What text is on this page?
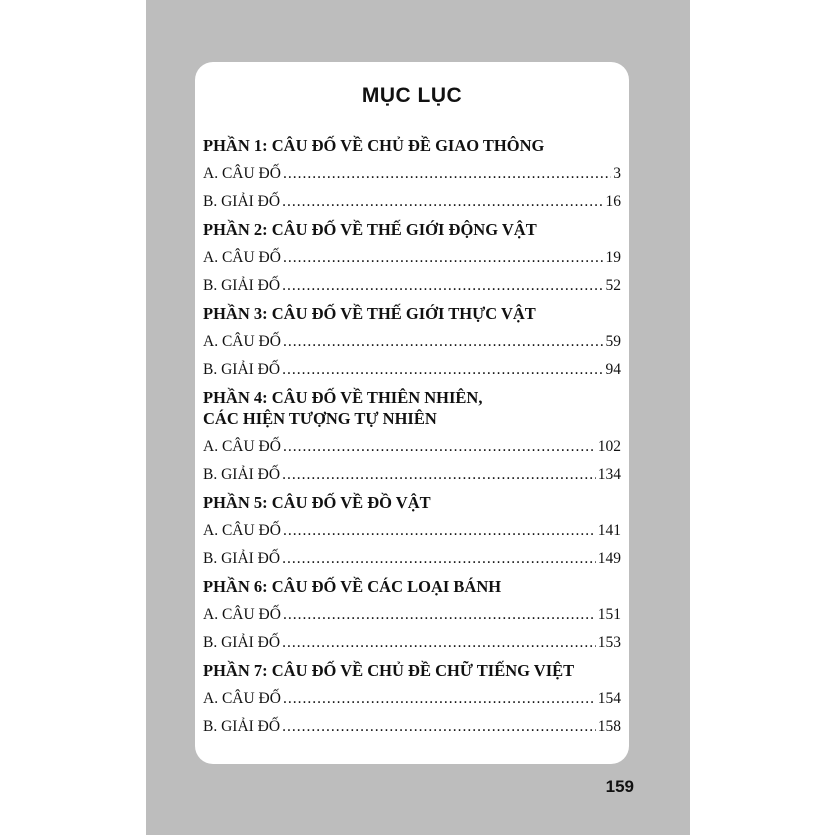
MỤC LỤC
PHẦN 1: CÂU ĐỐ VỀ CHỦ ĐỀ GIAO THÔNG
A. CÂU ĐỐ .....	3
B. GIẢI ĐỐ .....	16
PHẦN 2: CÂU ĐỐ VỀ THẾ GIỚI ĐỘNG VẬT
A. CÂU ĐỐ .....	19
B. GIẢI ĐỐ .....	52
PHẦN 3: CÂU ĐỐ VỀ THẾ GIỚI THỰC VẬT
A. CÂU ĐỐ .....	59
B. GIẢI ĐỐ .....	94
PHẦN 4: CÂU ĐỐ VỀ THIÊN NHIÊN,
CÁC HIỆN TƯỢNG TỰ NHIÊN
A. CÂU ĐỐ .....	102
B. GIẢI ĐỐ .....	134
PHẦN 5: CÂU ĐỐ VỀ ĐỒ VẬT
A. CÂU ĐỐ .....	141
B. GIẢI ĐỐ .....	149
PHẦN 6: CÂU ĐỐ VỀ CÁC LOẠI BÁNH
A. CÂU ĐỐ .....	151
B. GIẢI ĐỐ .....	153
PHẦN 7: CÂU ĐỐ VỀ CHỦ ĐỀ CHỮ TIẾNG VIỆT
A. CÂU ĐỐ .....	154
B. GIẢI ĐỐ .....	158
159
